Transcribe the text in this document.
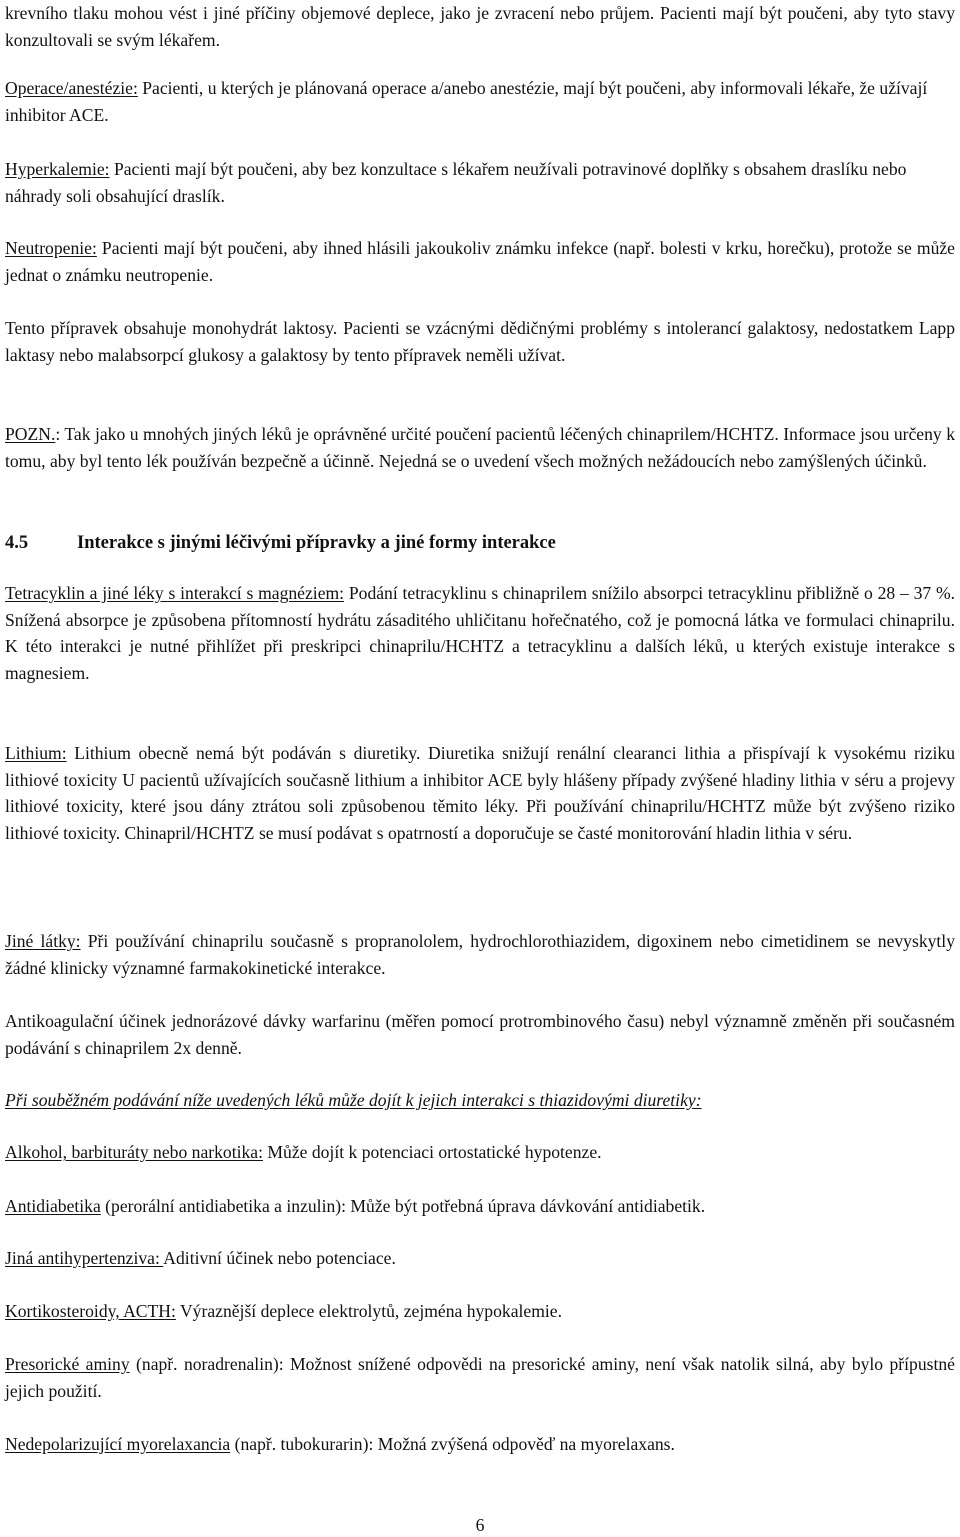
krevního tlaku mohou vést i jiné příčiny objemové deplece, jako je zvracení nebo průjem. Pacienti mají být poučeni, aby tyto stavy konzultovali se svým lékařem.

Operace/anestézie: Pacienti, u kterých je plánovaná operace a/anebo anestézie, mají být poučeni, aby informovali lékaře, že užívají inhibitor ACE.

Hyperkalemie: Pacienti mají být poučeni, aby bez konzultace s lékařem neužívali potravinové doplňky s obsahem draslíku nebo náhrady soli obsahující draslík.

Neutropenie: Pacienti mají být poučeni, aby ihned hlásili jakoukoliv známku infekce (např. bolesti v krku, horečku), protože se může jednat o známku neutropenie.

Tento přípravek obsahuje monohydrát laktosy. Pacienti se vzácnými dědičnými problémy s intolerancí galaktosy, nedostatkem Lapp laktasy nebo malabsorpcí glukosy a galaktosy by tento přípravek neměli užívat.

POZN.: Tak jako u mnohých jiných léků je oprávněné určité poučení pacientů léčených chinaprilem/HCHTZ. Informace jsou určeny k tomu, aby byl tento lék používán bezpečně a účinně. Nejedná se o uvedení všech možných nežádoucích nebo zamýšlených účinků.

4.5	Interakce s jinými léčivými přípravky a jiné formy interakce

Tetracyklin a jiné léky s interakcí s magnéziem: Podání tetracyklinu s chinaprilem snížilo absorpci tetracyklinu přibližně o 28 – 37 %. Snížená absorpce je způsobena přítomností hydrátu zásaditého uhličitanu hořečnatého, což je pomocná látka ve formulaci chinaprilu. K této interakci je nutné přihlížet při preskripci chinaprilu/HCHTZ a tetracyklinu a dalších léků, u kterých existuje interakce s magnesiem.

Lithium: Lithium obecně nemá být podáván s diuretiky. Diuretika snižují renální clearanci lithia a přispívají k vysokému riziku lithiové toxicity U pacientů užívajících současně lithium a inhibitor ACE byly hlášeny případy zvýšené hladiny lithia v séru a projevy lithiové toxicity, které jsou dány ztrátou soli způsobenou těmito léky. Při používání chinaprilu/HCHTZ může být zvýšeno riziko lithiové toxicity. Chinapril/HCHTZ se musí podávat s opatrností a doporučuje se časté monitorování hladin lithia v séru.

Jiné látky: Při používání chinaprilu současně s propranololem, hydrochlorothiazidem, digoxinem nebo cimetidinem se nevyskytly žádné klinicky významné farmakokinetické interakce.

Antikoagulační účinek jednorázové dávky warfarinu (měřen pomocí protrombinového času) nebyl významně změněn při současném podávání s chinaprilem 2x denně.

Při souběžném podávání níže uvedených léků může dojít k jejich interakci s thiazidovými diuretiky:

Alkohol, barbituráty nebo narkotika: Může dojít k potenciaci ortostatické hypotenze.

Antidiabetika (perorální antidiabetika a inzulin): Může být potřebná úprava dávkování antidiabetik.

Jiná antihypertenziva: Aditivní účinek nebo potenciace.

Kortikosteroidy, ACTH: Výraznější deplece elektrolytů, zejména hypokalemie.

Presorické aminy (např. noradrenalin): Možnost snížené odpovědi na presorické aminy, není však natolik silná, aby bylo přípustné jejich použití.

Nedepolarizující myorelaxancia (např. tubokurarin): Možná zvýšená odpověď na myorelaxans.

6
